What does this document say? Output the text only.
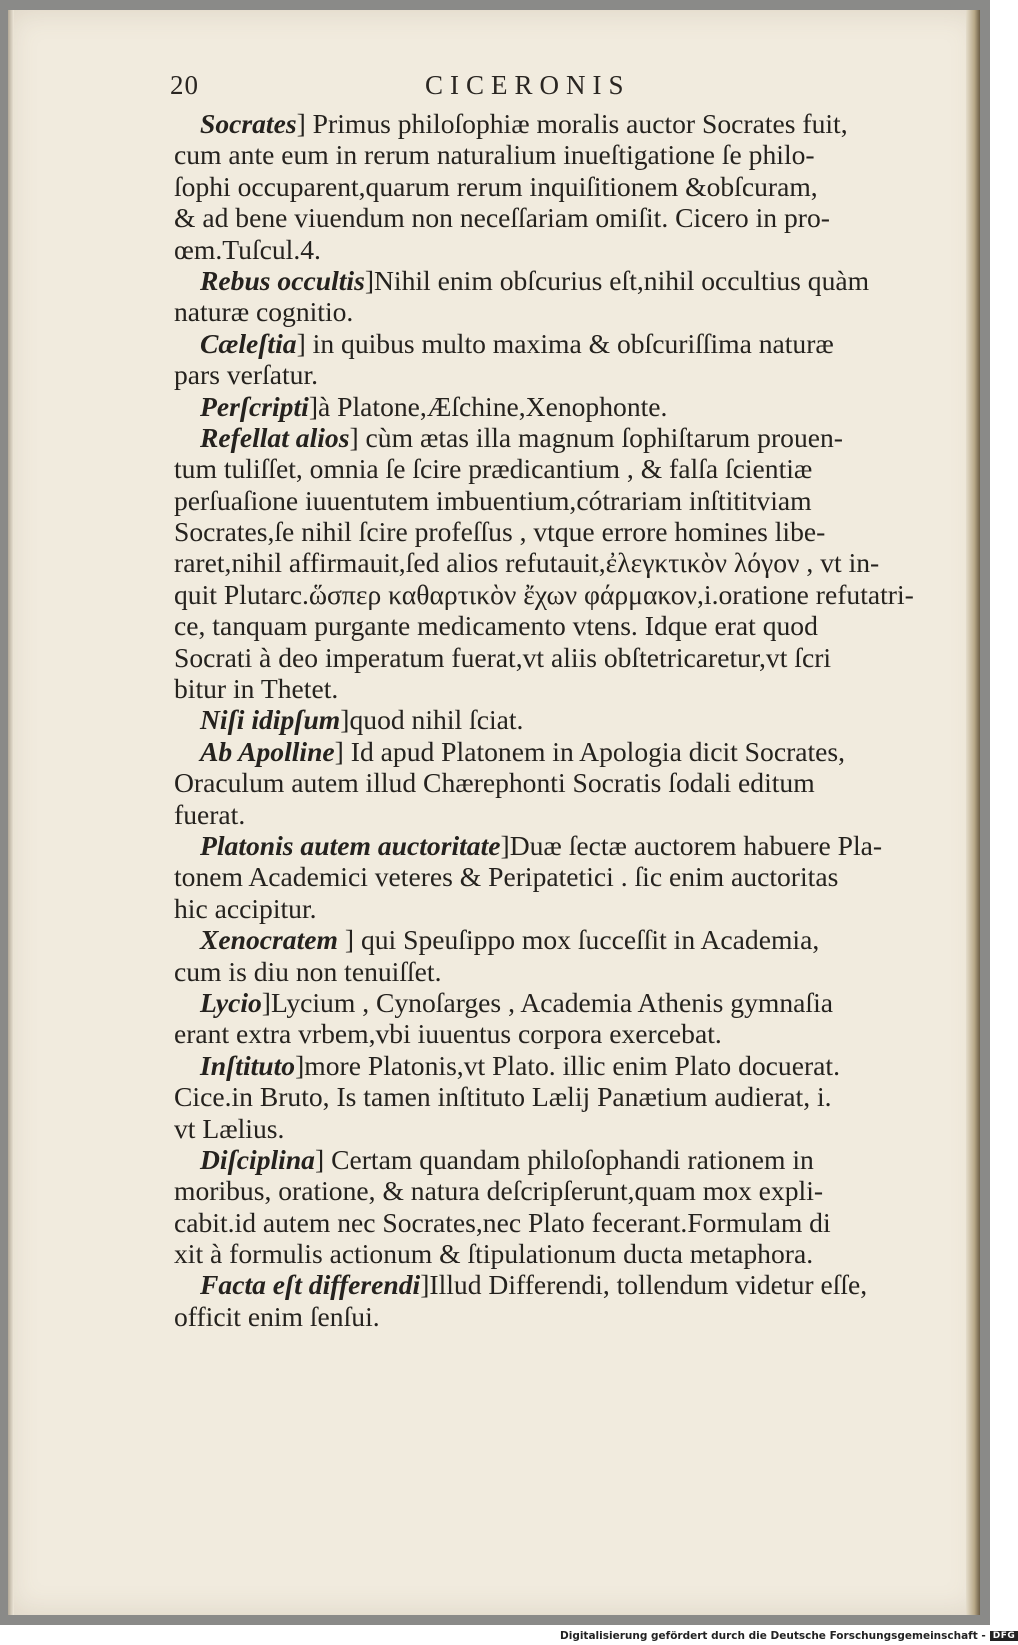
20	CICERONIS
Socrates] Primus philoſophiæ moralis auctor Socrates fuit,
cum ante eum in rerum naturalium inueſtigatione ſe philo-
ſophi occuparent,quarum rerum inquiſitionem &obſcuram,
& ad bene viuendum non neceſſariam omiſit. Cicero in pro-
œm.Tuſcul.4.
Rebus occultis]Nihil enim obſcurius eſt,nihil occultius quàm
naturæ cognitio.
Cæleſtia] in quibus multo maxima & obſcuriſſima naturæ
pars verſatur.
Perſcripti]à Platone,Æſchine,Xenophonte.
Refellat alios] cùm ætas illa magnum ſophiſtarum prouen-
tum tuliſſet, omnia ſe ſcire prædicantium , & falſa ſcientiæ
perſuaſione iuuentutem imbuentium,cótrariam inſtititviam
Socrates,ſe nihil ſcire profeſſus , vtque errore homines libe-
raret,nihil affirmauit,ſed alios refutauit,ἐλεγκτικὸν λόγον , vt in-
quit Plutarc.ὥσπερ καθαρτικὸν ἔχων φάρμακον,i.oratione refutatri-
ce, tanquam purgante medicamento vtens. Idque erat quod
Socrati à deo imperatum fuerat,vt aliis obſtetricaretur,vt ſcri
bitur in Thetet.
Niſi idipſum]quod nihil ſciat.
Ab Apolline] Id apud Platonem in Apologia dicit Socrates,
Oraculum autem illud Chærephonti Socratis ſodali editum
fuerat.
Platonis autem auctoritate]Duæ ſectæ auctorem habuere Pla-
tonem Academici veteres & Peripatetici . ſic enim auctoritas
hic accipitur.
Xenocratem ] qui Speuſippo mox ſucceſſit in Academia,
cum is diu non tenuiſſet.
Lycio]Lycium , Cynoſarges , Academia Athenis gymnaſia
erant extra vrbem,vbi iuuentus corpora exercebat.
Inſtituto]more Platonis,vt Plato. illic enim Plato docuerat.
Cice.in Bruto, Is tamen inſtituto Lælij Panætium audierat, i.
vt Lælius.
Diſciplina] Certam quandam philoſophandi rationem in
moribus, oratione, & natura deſcripſerunt,quam mox expli-
cabit.id autem nec Socrates,nec Plato fecerant.Formulam di
xit à formulis actionum & ſtipulationum ducta metaphora.
Facta eſt differendi]Illud Differendi, tollendum videtur eſſe,
officit enim ſenſui.
Digitalisierung gefördert durch die Deutsche Forschungsgemeinschaft - DFG
